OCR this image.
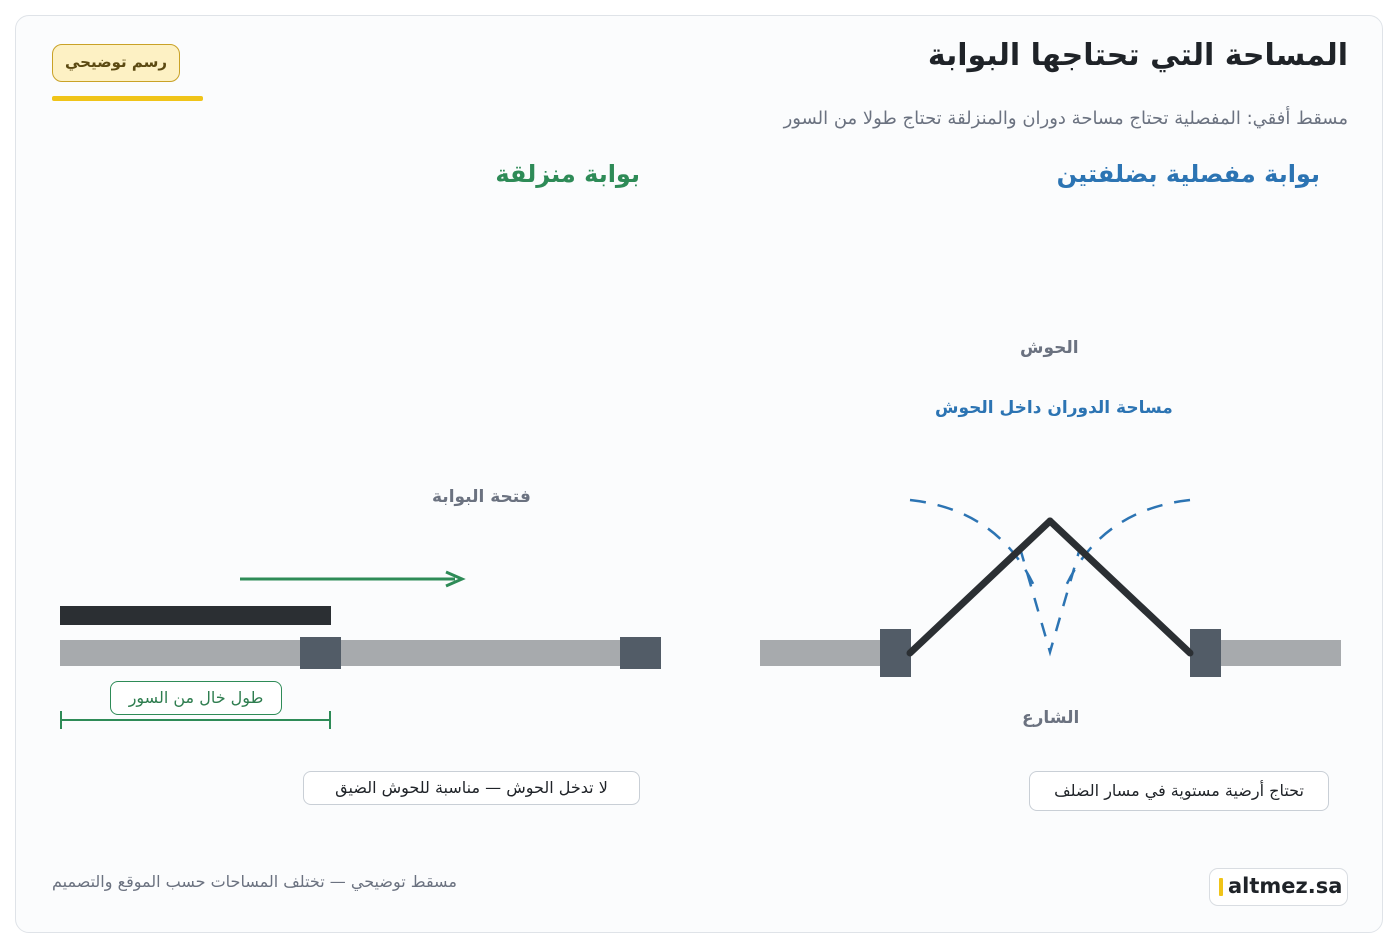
المساحة التي تحتاجها البوابة
مسقط أفقي: المفصلية تحتاج مساحة دوران والمنزلقة تحتاج طولا من السور
رسم توضيحي
بوابة مفصلية بضلفتين
بوابة منزلقة
الحوش
مساحة الدوران داخل الحوش
الشارع
تحتاج أرضية مستوية في مسار الضلف
فتحة البوابة
طول خال من السور
لا تدخل الحوش — مناسبة للحوش الضيق
مسقط توضيحي — تختلف المساحات حسب الموقع والتصميم	altmez.sa
